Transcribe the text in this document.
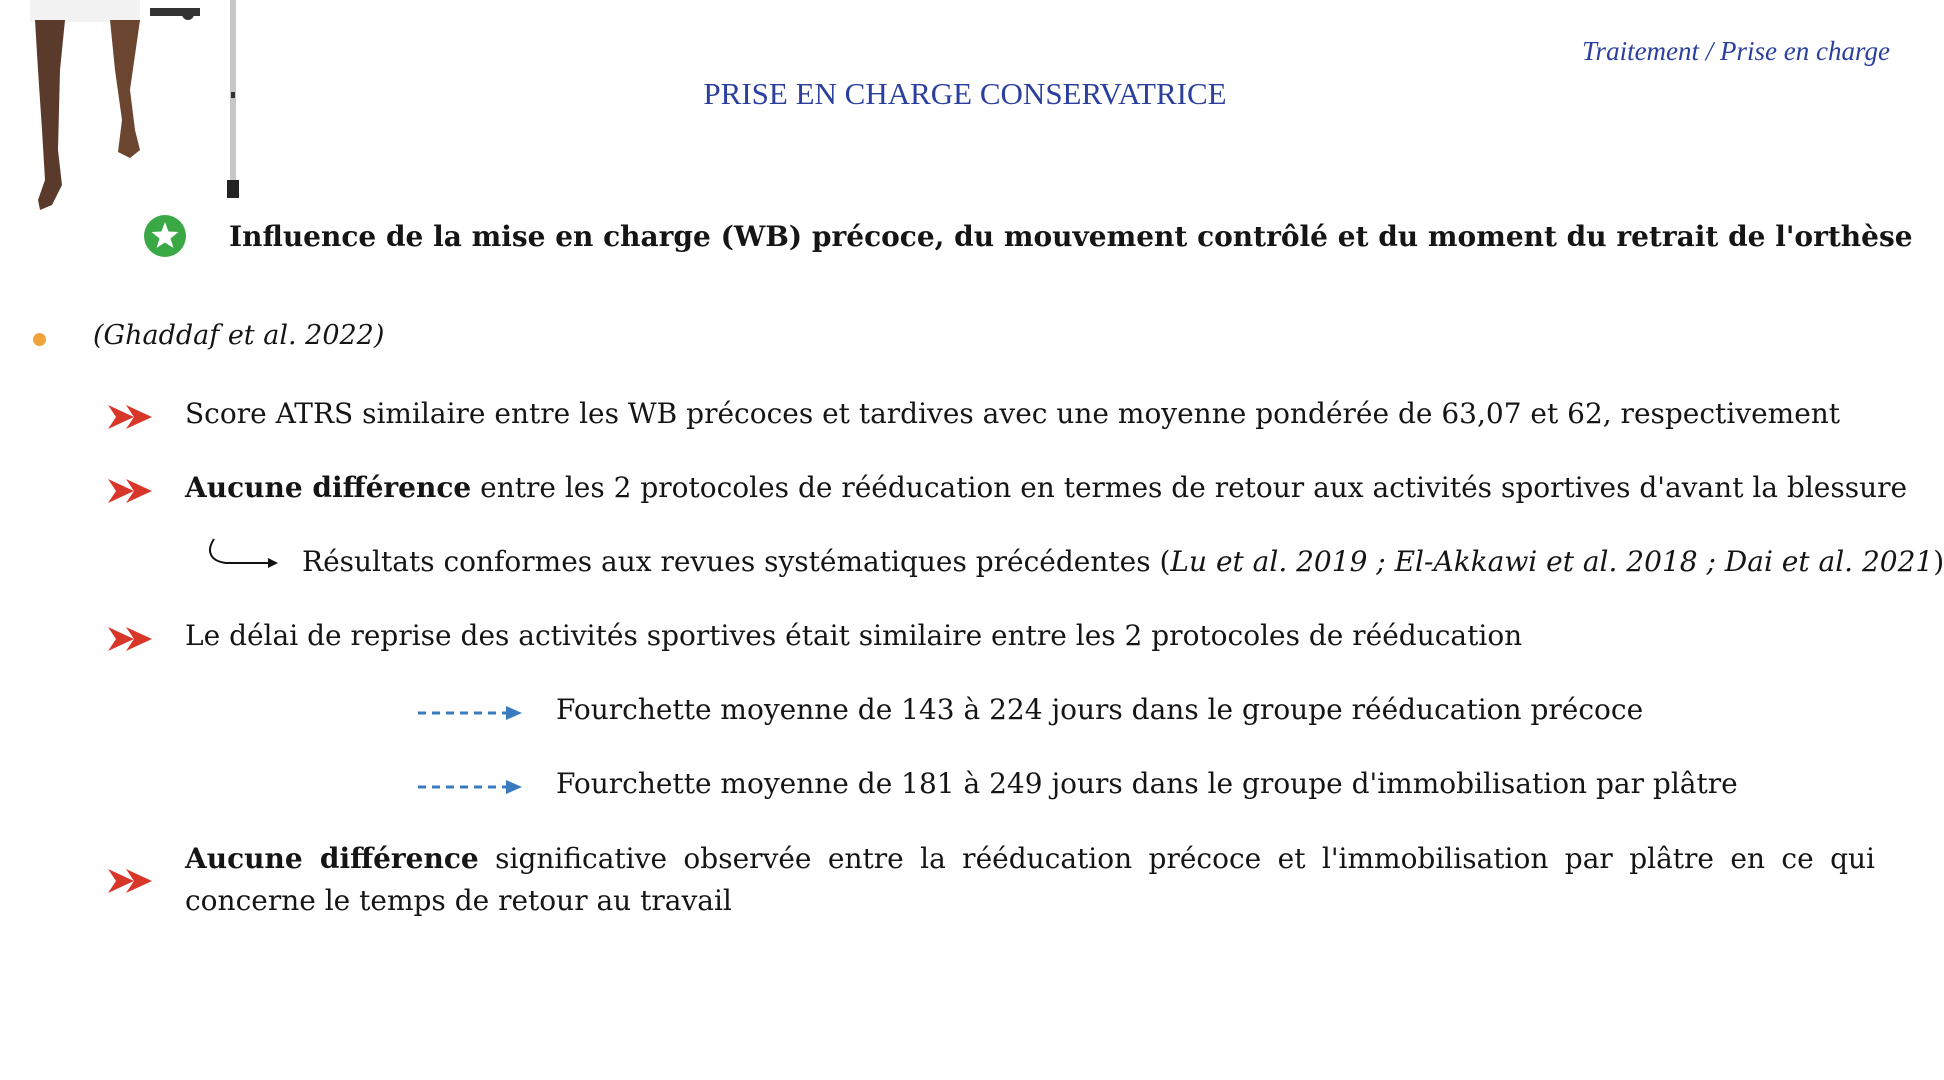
Traitement / Prise en charge
PRISE EN CHARGE CONSERVATRICE
Influence de la mise en charge (WB) précoce, du mouvement contrôlé et du moment du retrait de l'orthèse
(Ghaddaf et al. 2022)
Score ATRS similaire entre les WB précoces et tardives avec une moyenne pondérée de 63,07 et 62, respectivement
Aucune différence entre les 2 protocoles de rééducation en termes de retour aux activités sportives d'avant la blessure
Résultats conformes aux revues systématiques précédentes (Lu et al. 2019 ; El-Akkawi et al. 2018 ; Dai et al. 2021)
Le délai de reprise des activités sportives était similaire entre les 2 protocoles de rééducation
Fourchette moyenne de 143 à 224 jours dans le groupe rééducation précoce
Fourchette moyenne de 181 à 249 jours dans le groupe d'immobilisation par plâtre
Aucune différence significative observée entre la rééducation précoce et l'immobilisation par plâtre en ce qui concerne le temps de retour au travail
